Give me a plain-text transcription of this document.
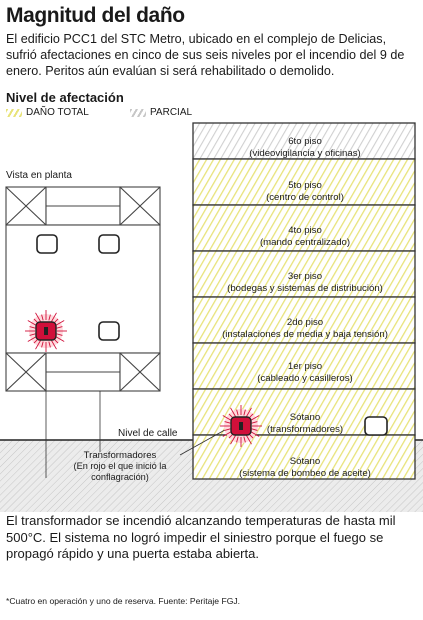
Magnitud del daño

El edificio PCC1 del STC Metro, ubicado en el complejo de Delicias, sufrió afectaciones en cinco de sus seis niveles por el incendio del 9 de enero. Peritos aún evalúan si será rehabilitado o demolido.

Nivel de afectación
DAÑO TOTAL	PARCIAL
Vista en planta
6to piso
(videovigilancia y oficinas)
5to piso
(centro de control)
4to piso
(mando centralizado)
3er piso
(bodegas y sistemas de distribución)
2do piso
(instalaciones de media y baja tensión)
1er piso
(cableado y casilleros)
Sótano
(transformadores)
Sótano
(sistema de bombeo de aceite)
Nivel de calle
Transformadores
(En rojo el que inició la conflagración)

El transformador se incendió alcanzando temperaturas de hasta mil 500°C. El sistema no logró impedir el siniestro porque el fuego se propagó rápido y una puerta estaba abierta.

*Cuatro en operación y uno de reserva. Fuente: Peritaje FGJ.
